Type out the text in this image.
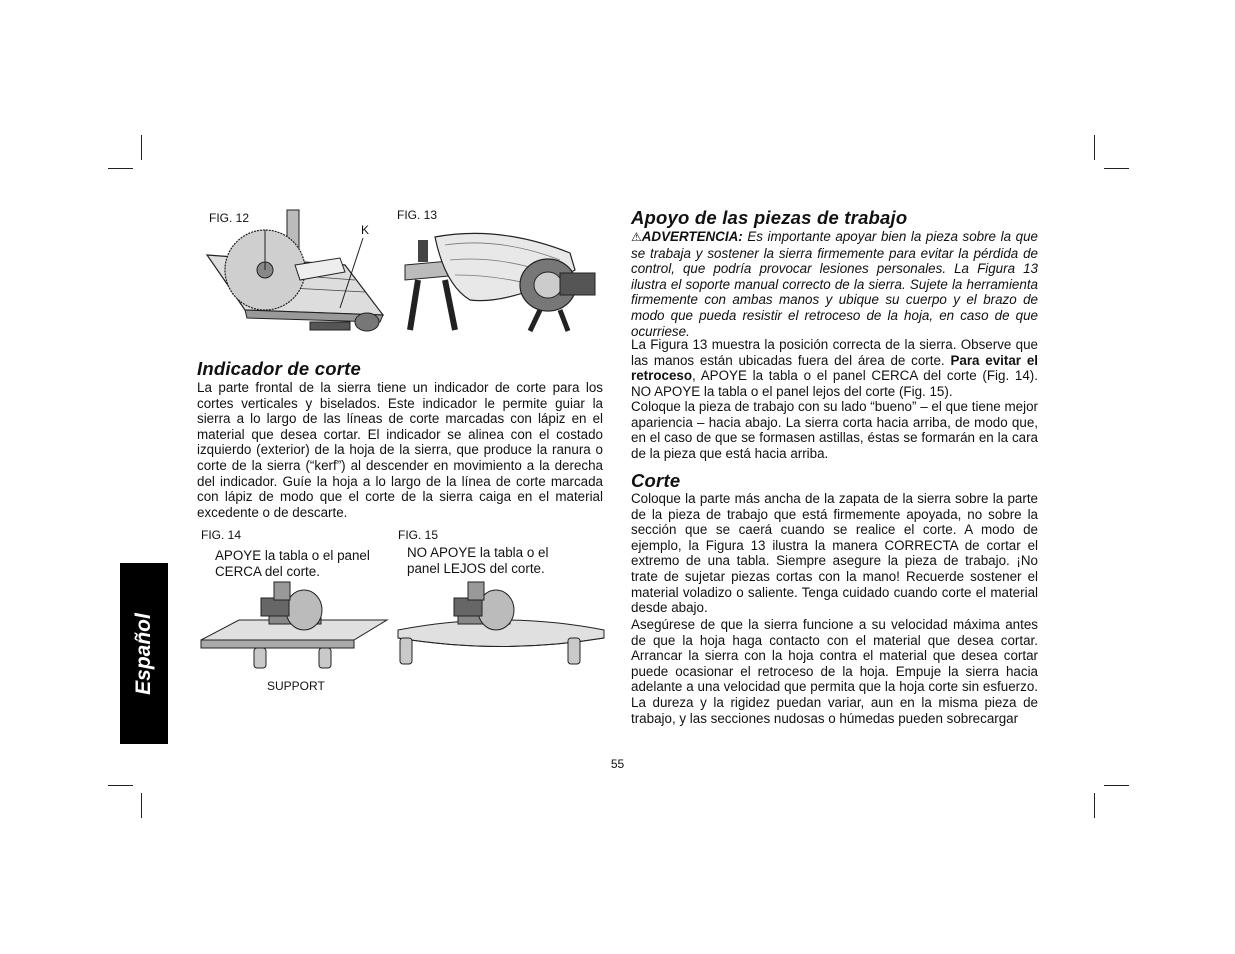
Español
FIG. 12
K
FIG. 13
Indicador de corte

La parte frontal de la sierra tiene un indicador de corte para los cortes verticales y biselados. Este indicador le permite guiar la sierra a lo largo de las líneas de corte marcadas con lápiz en el material que desea cortar. El indicador se alinea con el costado izquierdo (exterior) de la hoja de la sierra, que produce la ranura o corte de la sierra (“kerf”) al descender en movimiento a la derecha del indicador. Guíe la hoja a lo largo de la línea de corte marcada con lápiz de modo que el corte de la sierra caiga en el material excedente o de descarte.

FIG. 14

APOYE la tabla o el panel
CERCA del corte.

SUPPORT
FIG. 15

NO APOYE la tabla o el
panel LEJOS del corte.

Apoyo de las piezas de trabajo

⚠ADVERTENCIA: Es importante apoyar bien la pieza sobre la que se trabaja y sostener la sierra firmemente para evitar la pérdida de control, que podría provocar lesiones personales. La Figura 13 ilustra el soporte manual correcto de la sierra. Sujete la herramienta firmemente con ambas manos y ubique su cuerpo y el brazo de modo que pueda resistir el retroceso de la hoja, en caso de que ocurriese.

La Figura 13 muestra la posición correcta de la sierra. Observe que las manos están ubicadas fuera del área de corte. Para evitar el retroceso, APOYE la tabla o el panel CERCA del corte (Fig. 14). NO APOYE la tabla o el panel lejos del corte (Fig. 15).

Coloque la pieza de trabajo con su lado “bueno” – el que tiene mejor apariencia – hacia abajo. La sierra corta hacia arriba, de modo que, en el caso de que se formasen astillas, éstas se formarán en la cara de la pieza que está hacia arriba.

Corte

Coloque la parte más ancha de la zapata de la sierra sobre la parte de la pieza de trabajo que está firmemente apoyada, no sobre la sección que se caerá cuando se realice el corte. A modo de ejemplo, la Figura 13 ilustra la manera CORRECTA de cortar el extremo de una tabla. Siempre asegure la pieza de trabajo. ¡No trate de sujetar piezas cortas con la mano! Recuerde sostener el material voladizo o saliente. Tenga cuidado cuando corte el material desde abajo.

Asegúrese de que la sierra funcione a su velocidad máxima antes de que la hoja haga contacto con el material que desea cortar. Arrancar la sierra con la hoja contra el material que desea cortar puede ocasionar el retroceso de la hoja. Empuje la sierra hacia adelante a una velocidad que permita que la hoja corte sin esfuerzo. La dureza y la rigidez puedan variar, aun en la misma pieza de trabajo, y las secciones nudosas o húmedas pueden sobrecargar

55
